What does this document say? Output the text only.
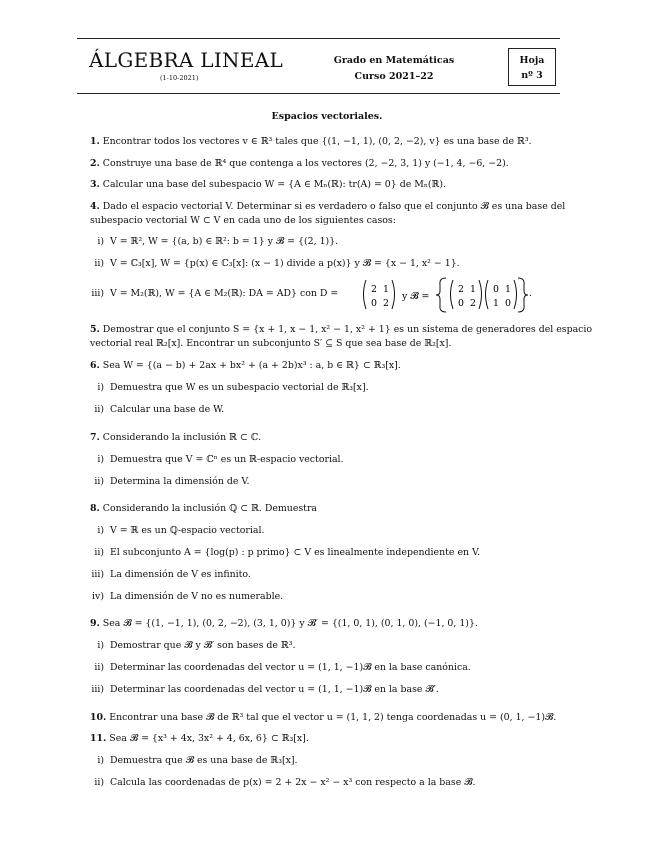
ÁLGEBRA LINEAL
(1-10-2021)
Grado en Matemáticas
Curso 2021–22
Hoja
nº 3
Espacios vectoriales.
1. Encontrar todos los vectores v ∈ ℝ³ tales que {(1, −1, 1), (0, 2, −2), v} es una base de ℝ³.
2. Construye una base de ℝ⁴ que contenga a los vectores (2, −2, 3, 1) y (−1, 4, −6, −2).
3. Calcular una base del subespacio W = {A ∈ Mₙ(ℝ): tr(A) = 0} de Mₙ(ℝ).
4. Dado el espacio vectorial V. Determinar si es verdadero o falso que el conjunto 𝓑 es una base del
subespacio vectorial W ⊂ V en cada uno de los siguientes casos:
i) V = ℝ², W = {(a, b) ∈ ℝ²: b = 1} y 𝓑 = {(2, 1)}.
ii) V = ℂ₃[x], W = {p(x) ∈ ℂ₃[x]: (x − 1) divide a p(x)} y 𝓑 = {x − 1, x² − 1}.
iii) V = M₂(ℝ), W = {A ∈ M₂(ℝ): DA = AD} con D =	2 1
0 2
y 𝓑 =
2 1
0 2
0 1
1 0
.
5. Demostrar que el conjunto S = {x + 1, x − 1, x² − 1, x² + 1} es un sistema de generadores del espacio
vectorial real ℝ₂[x]. Encontrar un subconjunto S′ ⊆ S que sea base de ℝ₂[x].
6. Sea W = {(a − b) + 2ax + bx² + (a + 2b)x³ : a, b ∈ ℝ} ⊂ ℝ₃[x].
i) Demuestra que W es un subespacio vectorial de ℝ₃[x].
ii) Calcular una base de W.
7. Considerando la inclusión ℝ ⊂ ℂ.
i) Demuestra que V = ℂⁿ es un ℝ-espacio vectorial.
ii) Determina la dimensión de V.
8. Considerando la inclusión ℚ ⊂ ℝ. Demuestra
i) V = ℝ es un ℚ-espacio vectorial.
ii) El subconjunto A = {log(p) : p primo} ⊂ V es linealmente independiente en V.
iii) La dimensión de V es infinito.
iv) La dimensión de V no es numerable.
9. Sea 𝓑 = {(1, −1, 1), (0, 2, −2), (3, 1, 0)} y 𝓑′ = {(1, 0, 1), (0, 1, 0), (−1, 0, 1)}.
i) Demostrar que 𝓑 y 𝓑′ son bases de ℝ³.
ii) Determinar las coordenadas del vector u = (1, 1, −1)𝓑 en la base canónica.
iii) Determinar las coordenadas del vector u = (1, 1, −1)𝓑 en la base 𝓑′.
10. Encontrar una base 𝓑 de ℝ³ tal que el vector u = (1, 1, 2) tenga coordenadas u = (0, 1, −1)𝓑.
11. Sea 𝓑 = {x³ + 4x, 3x² + 4, 6x, 6} ⊂ ℝ₃[x].
i) Demuestra que 𝓑 es una base de ℝ₃[x].
ii) Calcula las coordenadas de p(x) = 2 + 2x − x² − x³ con respecto a la base 𝓑.
